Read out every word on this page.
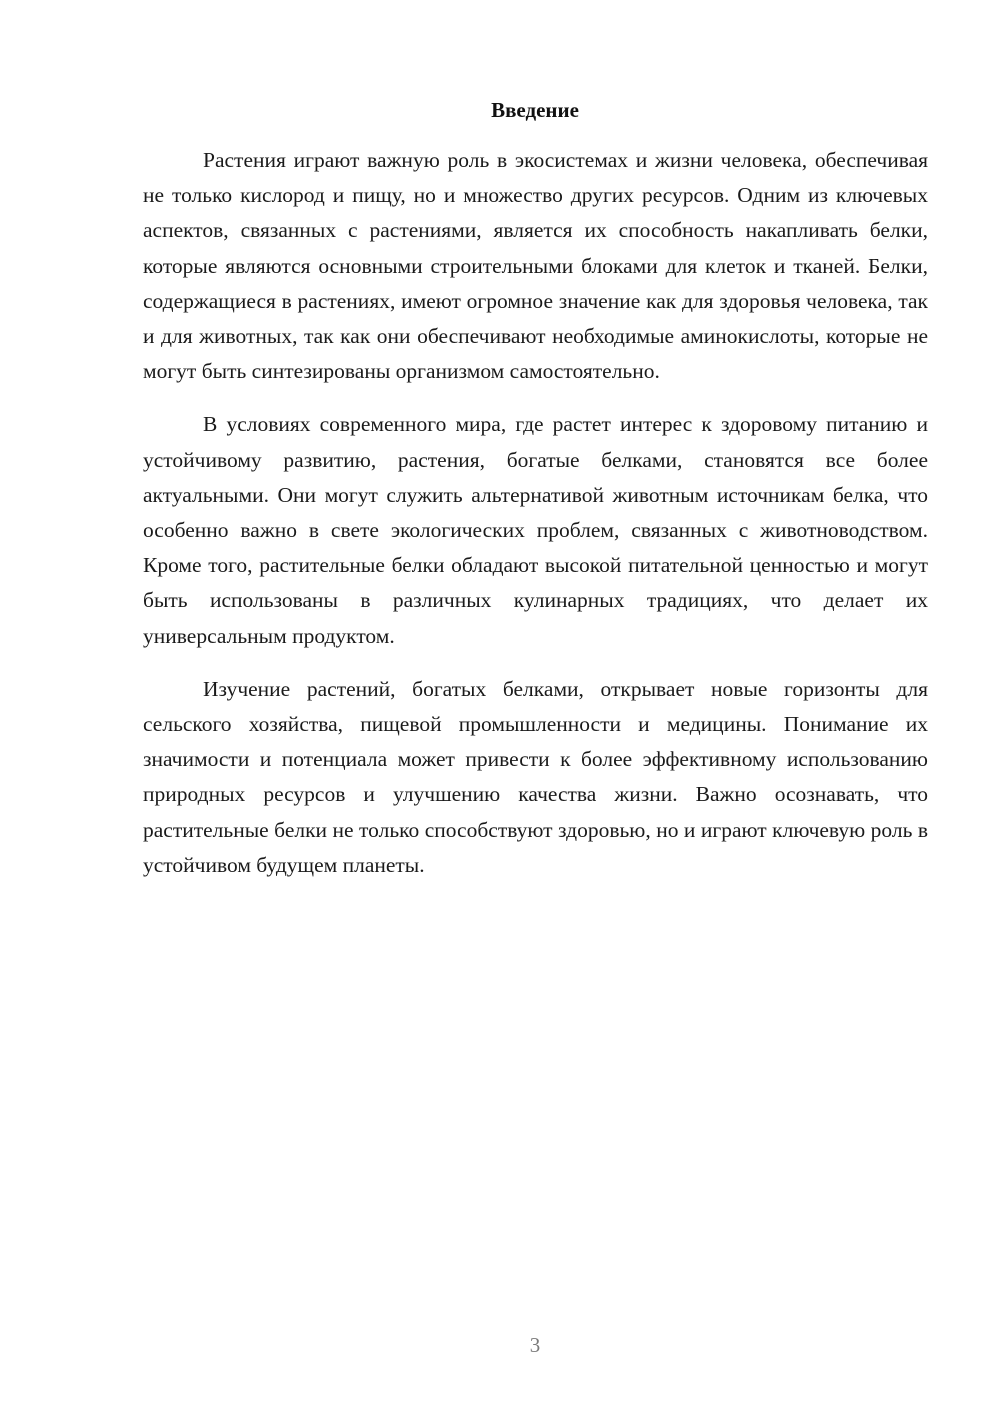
Введение

Растения играют важную роль в экосистемах и жизни человека, обеспечивая не только кислород и пищу, но и множество других ресурсов. Одним из ключевых аспектов, связанных с растениями, является их способность накапливать белки, которые являются основными строительными блоками для клеток и тканей. Белки, содержащиеся в растениях, имеют огромное значение как для здоровья человека, так и для животных, так как они обеспечивают необходимые аминокислоты, которые не могут быть синтезированы организмом самостоятельно.

В условиях современного мира, где растет интерес к здоровому питанию и устойчивому развитию, растения, богатые белками, становятся все более актуальными. Они могут служить альтернативой животным источникам белка, что особенно важно в свете экологических проблем, связанных с животноводством. Кроме того, растительные белки обладают высокой питательной ценностью и могут быть использованы в различных кулинарных традициях, что делает их универсальным продуктом.

Изучение растений, богатых белками, открывает новые горизонты для сельского хозяйства, пищевой промышленности и медицины. Понимание их значимости и потенциала может привести к более эффективному использованию природных ресурсов и улучшению качества жизни. Важно осознавать, что растительные белки не только способствуют здоровью, но и играют ключевую роль в устойчивом будущем планеты.

3
